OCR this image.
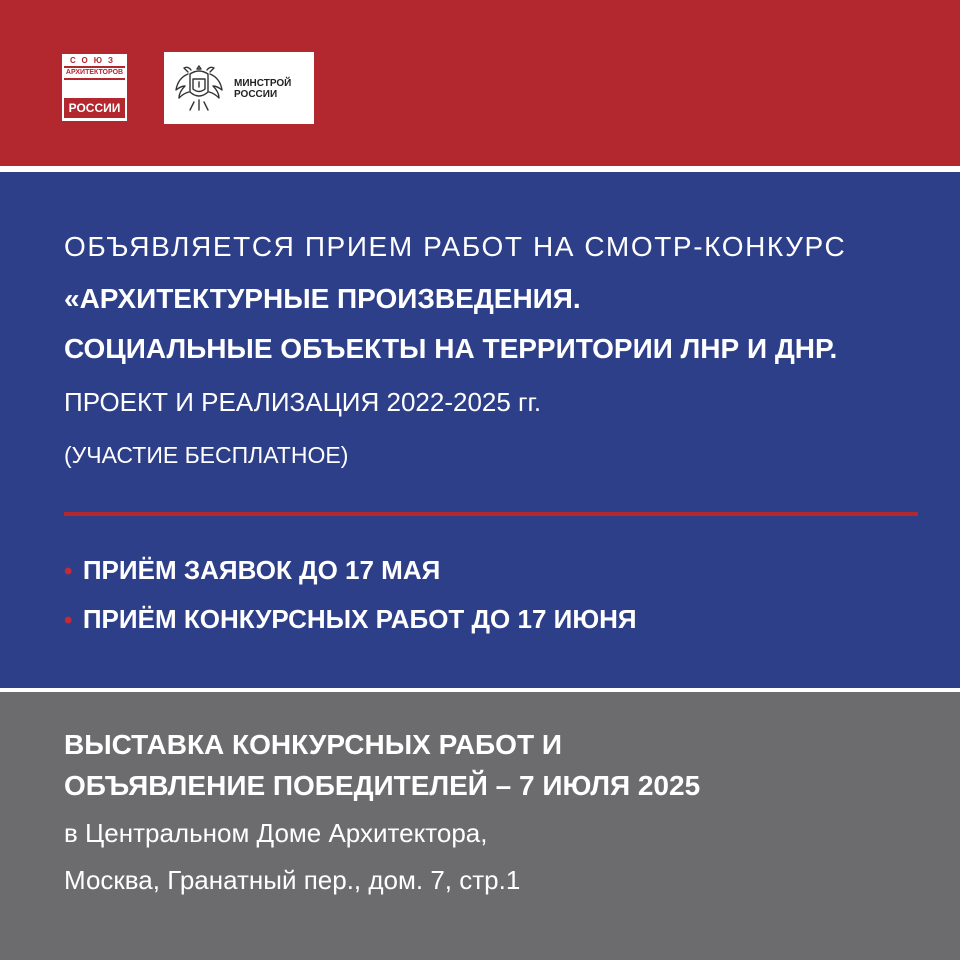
СОЮЗ
АРХИТЕКТОРОВ
РОССИИ
МИНСТРОЙ
РОССИИ
ОБЪЯВЛЯЕТСЯ ПРИЕМ РАБОТ НА СМОТР-КОНКУРС
«АРХИТЕКТУРНЫЕ ПРОИЗВЕДЕНИЯ.
СОЦИАЛЬНЫЕ ОБЪЕКТЫ НА ТЕРРИТОРИИ ЛНР И ДНР.
ПРОЕКТ И РЕАЛИЗАЦИЯ 2022-2025 гг.
(УЧАСТИЕ БЕСПЛАТНОЕ)
• ПРИЁМ ЗАЯВОК ДО 17 МАЯ
• ПРИЁМ КОНКУРСНЫХ РАБОТ ДО 17 ИЮНЯ
ВЫСТАВКА КОНКУРСНЫХ РАБОТ И
ОБЪЯВЛЕНИЕ ПОБЕДИТЕЛЕЙ – 7 ИЮЛЯ 2025
в Центральном Доме Архитектора,
Москва, Гранатный пер., дом. 7, стр.1
